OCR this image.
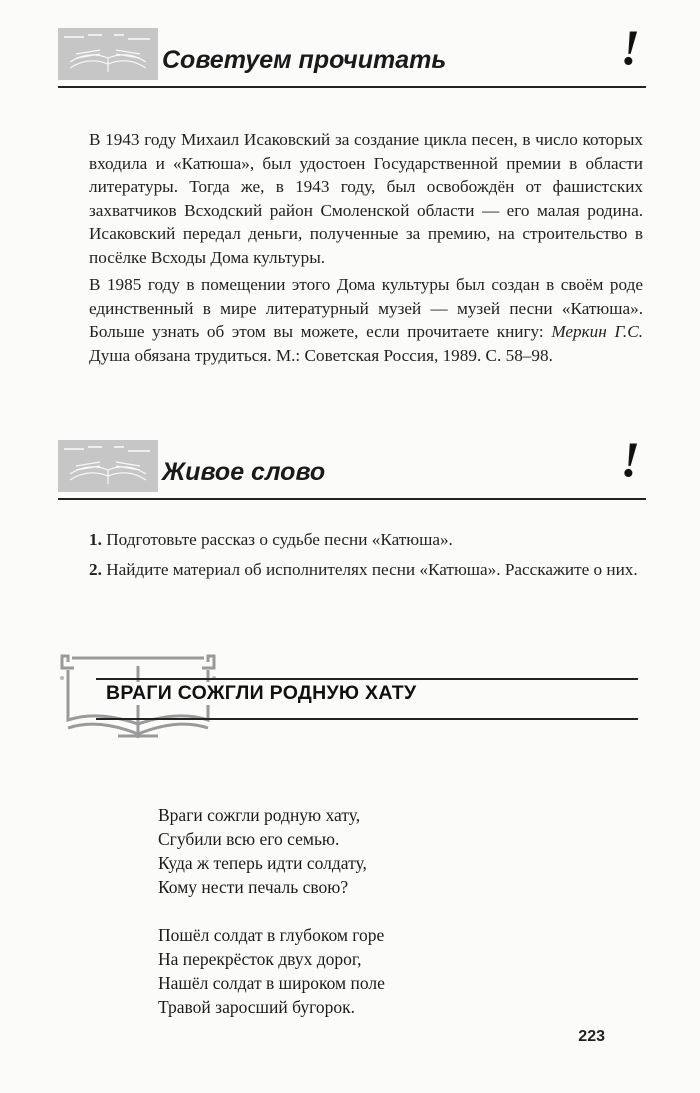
Советуем прочитать	!

В 1943 году Михаил Исаковский за создание цикла песен, в число которых входила и «Катюша», был удостоен Государственной премии в области литературы. Тогда же, в 1943 году, был освобождён от фашистских захватчиков Всходский район Смоленской области — его малая родина. Исаковский передал деньги, полученные за премию, на строительство в посёлке Всходы Дома культуры.

В 1985 году в помещении этого Дома культуры был создан в своём роде единственный в мире литературный музей — музей песни «Катюша». Больше узнать об этом вы можете, если прочитаете книгу: Меркин Г.С. Душа обязана трудиться. М.: Советская Россия, 1989. С. 58–98.

Живое слово	!

1. Подготовьте рассказ о судьбе песни «Катюша».

2. Найдите материал об исполнителях песни «Катюша». Расскажите о них.

ВРАГИ СОЖГЛИ РОДНУЮ ХАТУ
Враги сожгли родную хату,
Сгубили всю его семью.
Куда ж теперь идти солдату,
Кому нести печаль свою?
Пошёл солдат в глубоком горе
На перекрёсток двух дорог,
Нашёл солдат в широком поле
Травой заросший бугорок.
223
